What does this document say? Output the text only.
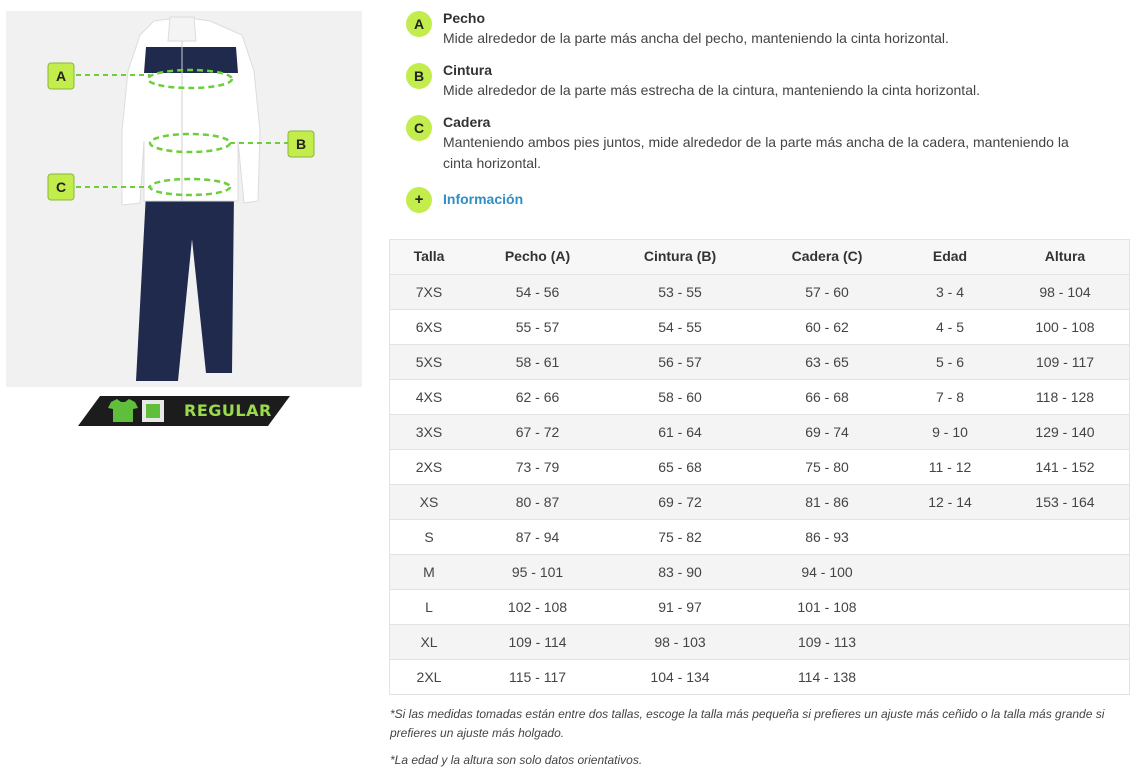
A
B
C
REGULAR
A	Pecho
Mide alrededor de la parte más ancha del pecho, manteniendo la cinta horizontal.
B	Cintura
Mide alrededor de la parte más estrecha de la cintura, manteniendo la cinta horizontal.
C	Cadera
Manteniendo ambos pies juntos, mide alrededor de la parte más ancha de la cadera, manteniendo la cinta horizontal.
+	Información
Talla	Pecho (A)	Cintura (B)	Cadera (C)	Edad	Altura
7XS	54 - 56	53 - 55	57 - 60	3 - 4	98 - 104
6XS	55 - 57	54 - 55	60 - 62	4 - 5	100 - 108
5XS	58 - 61	56 - 57	63 - 65	5 - 6	109 - 117
4XS	62 - 66	58 - 60	66 - 68	7 - 8	118 - 128
3XS	67 - 72	61 - 64	69 - 74	9 - 10	129 - 140
2XS	73 - 79	65 - 68	75 - 80	11 - 12	141 - 152
XS	80 - 87	69 - 72	81 - 86	12 - 14	153 - 164
S	87 - 94	75 - 82	86 - 93		
M	95 - 101	83 - 90	94 - 100		
L	102 - 108	91 - 97	101 - 108		
XL	109 - 114	98 - 103	109 - 113		
2XL	115 - 117	104 - 134	114 - 138		

*Si las medidas tomadas están entre dos tallas, escoge la talla más pequeña si prefieres un ajuste más ceñido o la talla más grande si prefieres un ajuste más holgado.

*La edad y la altura son solo datos orientativos.
